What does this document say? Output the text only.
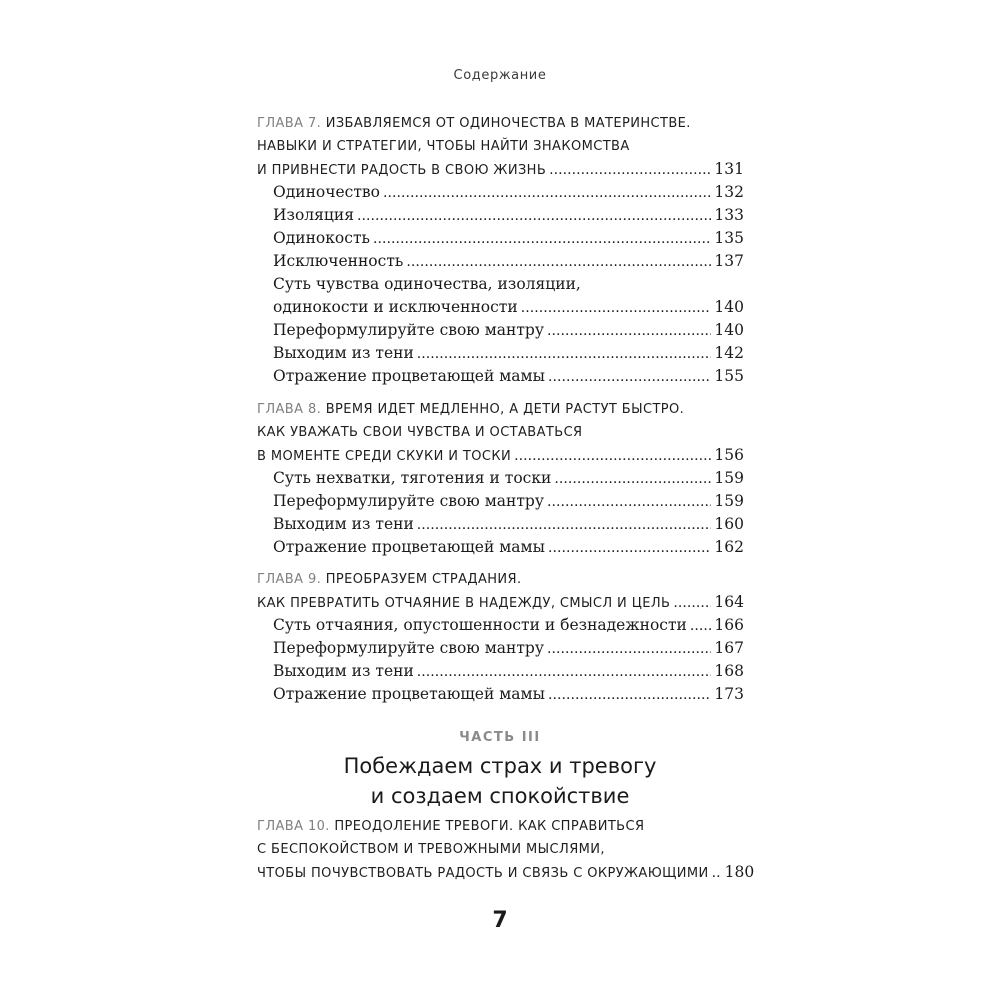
Содержание
ГЛАВА 7. ИЗБАВЛЯЕМСЯ ОТ ОДИНОЧЕСТВА В МАТЕРИНСТВЕ.
НАВЫКИ И СТРАТЕГИИ, ЧТОБЫ НАЙТИ ЗНАКОМСТВА
И ПРИВНЕСТИ РАДОСТЬ В СВОЮ ЖИЗНЬ . . .	131
Одиночество . . .	132
Изоляция . . .	133
Одинокость . . .	135
Исключенность . . .	137
Суть чувства одиночества, изоляции,
одинокости и исключенности . . .	140
Переформулируйте свою мантру . . .	140
Выходим из тени . . .	142
Отражение процветающей мамы . . .	155
ГЛАВА 8. ВРЕМЯ ИДЕТ МЕДЛЕННО, А ДЕТИ РАСТУТ БЫСТРО.
КАК УВАЖАТЬ СВОИ ЧУВСТВА И ОСТАВАТЬСЯ
В МОМЕНТЕ СРЕДИ СКУКИ И ТОСКИ . . .	156
Суть нехватки, тяготения и тоски . . .	159
Переформулируйте свою мантру . . .	159
Выходим из тени . . .	160
Отражение процветающей мамы . . .	162
ГЛАВА 9. ПРЕОБРАЗУЕМ СТРАДАНИЯ.
КАК ПРЕВРАТИТЬ ОТЧАЯНИЕ В НАДЕЖДУ, СМЫСЛ И ЦЕЛЬ . . .	164
Суть отчаяния, опустошенности и безнадежности . . . 166
Переформулируйте свою мантру . . .	167
Выходим из тени . . .	168
Отражение процветающей мамы . . .	173
ЧАСТЬ III
Побеждаем страх и тревогу
и создаем спокойствие
ГЛАВА 10. ПРЕОДОЛЕНИЕ ТРЕВОГИ. КАК СПРАВИТЬСЯ
С БЕСПОКОЙСТВОМ И ТРЕВОЖНЫМИ МЫСЛЯМИ,
ЧТОБЫ ПОЧУВСТВОВАТЬ РАДОСТЬ И СВЯЗЬ С ОКРУЖАЮЩИМИ . . . 180
7
